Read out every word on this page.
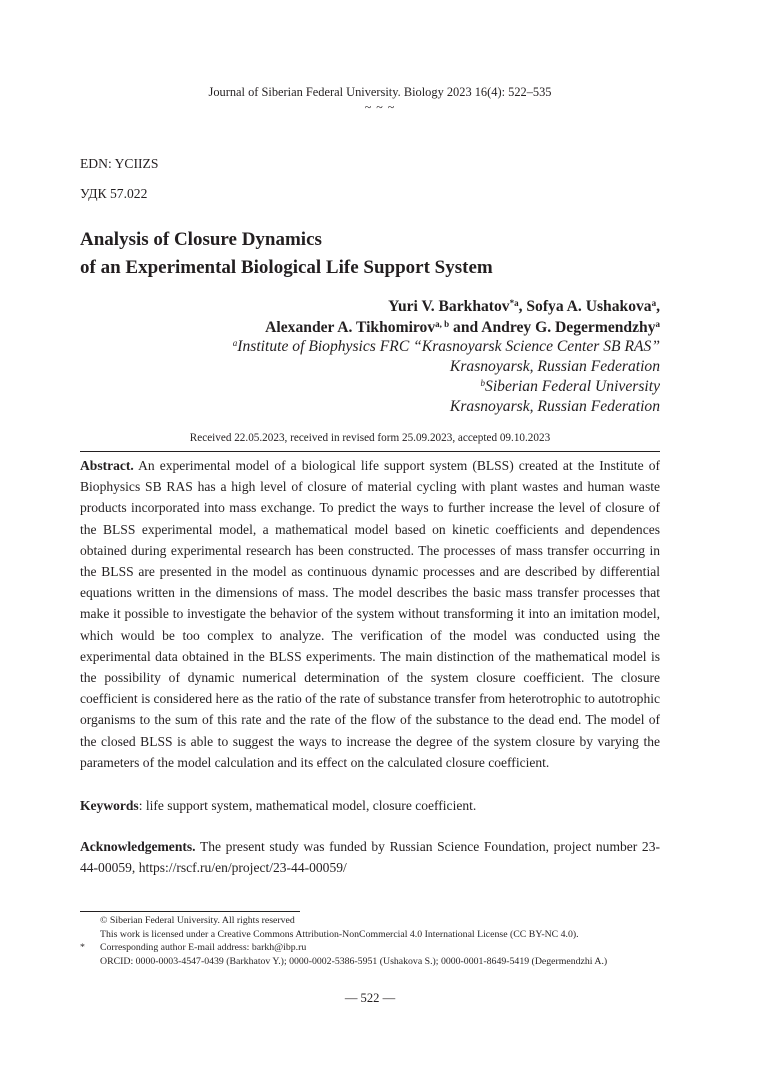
Journal of Siberian Federal University. Biology 2023 16(4): 522–535
~ ~ ~
EDN: YCIIZS
УДК 57.022
Analysis of Closure Dynamics
of an Experimental Biological Life Support System
Yuri V. Barkhatov$^{*a}$, Sofya A. Ushakova$^a$,
Alexander A. Tikhomirov$^{a, b}$ and Andrey G. Degermendzhy$^a$
$^a$Institute of Biophysics FRC “Krasnoyarsk Science Center SB RAS”
Krasnoyarsk, Russian Federation
$^b$Siberian Federal University
Krasnoyarsk, Russian Federation
Received 22.05.2023, received in revised form 25.09.2023, accepted 09.10.2023
Abstract. An experimental model of a biological life support system (BLSS) created at the Institute of Biophysics SB RAS has a high level of closure of material cycling with plant wastes and human waste products incorporated into mass exchange. To predict the ways to further increase the level of closure of the BLSS experimental model, a mathematical model based on kinetic coefficients and dependences obtained during experimental research has been constructed. The processes of mass transfer occurring in the BLSS are presented in the model as continuous dynamic processes and are described by differential equations written in the dimensions of mass. The model describes the basic mass transfer processes that make it possible to investigate the behavior of the system without transforming it into an imitation model, which would be too complex to analyze. The verification of the model was conducted using the experimental data obtained in the BLSS experiments. The main distinction of the mathematical model is the possibility of dynamic numerical determination of the system closure coefficient. The closure coefficient is considered here as the ratio of the rate of substance transfer from heterotrophic to autotrophic organisms to the sum of this rate and the rate of the flow of the substance to the dead end. The model of the closed BLSS is able to suggest the ways to increase the degree of the system closure by varying the parameters of the model calculation and its effect on the calculated closure coefficient.
Keywords: life support system, mathematical model, closure coefficient.
Acknowledgements. The present study was funded by Russian Science Foundation, project number 23-44-00059, https://rscf.ru/en/project/23-44-00059/
© Siberian Federal University. All rights reserved
This work is licensed under a Creative Commons Attribution-NonCommercial 4.0 International License (CC BY-NC 4.0).
* Corresponding author E-mail address: barkh@ibp.ru
ORCID: 0000-0003-4547-0439 (Barkhatov Y.); 0000-0002-5386-5951 (Ushakova S.); 0000-0001-8649-5419 (Degermendzhi A.)
— 522 —
